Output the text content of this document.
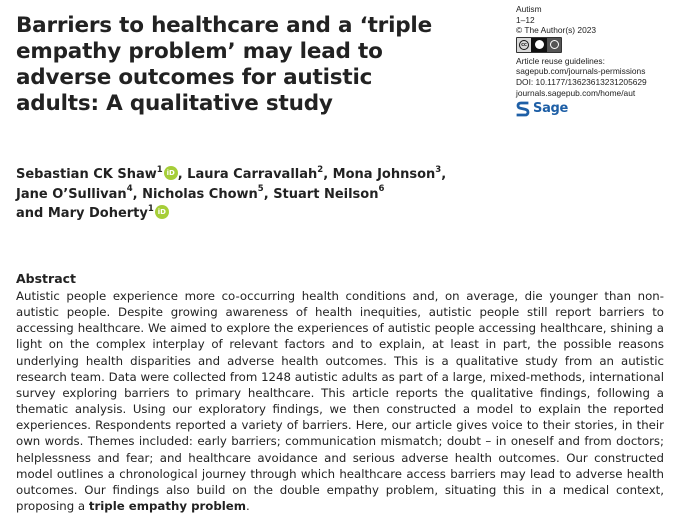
Barriers to healthcare and a ‘triple empathy problem’ may lead to adverse outcomes for autistic adults: A qualitative study
Autism
1–12
© The Author(s) 2023
cc
Article reuse guidelines:
sagepub.com/journals-permissions
DOI: 10.1177/13623613231205629
journals.sagepub.com/home/aut
Sage
Sebastian CK Shaw$^1$ iD , Laura Carravallah$^2$, Mona Johnson$^3$,
Jane O’Sullivan$^4$, Nicholas Chown$^5$, Stuart Neilson$^6$
and Mary Doherty$^1$ iD
Abstract
Autistic people experience more co-occurring health conditions and, on average, die younger than non-autistic people. Despite growing awareness of health inequities, autistic people still report barriers to accessing healthcare. We aimed to explore the experiences of autistic people accessing healthcare, shining a light on the complex interplay of relevant factors and to explain, at least in part, the possible reasons underlying health disparities and adverse health outcomes. This is a qualitative study from an autistic research team. Data were collected from 1248 autistic adults as part of a large, mixed-methods, international survey exploring barriers to primary healthcare. This article reports the qualitative findings, following a thematic analysis. Using our exploratory findings, we then constructed a model to explain the reported experiences. Respondents reported a variety of barriers. Here, our article gives voice to their stories, in their own words. Themes included: early barriers; communication mismatch; doubt – in oneself and from doctors; helplessness and fear; and healthcare avoidance and serious adverse health outcomes. Our constructed model outlines a chronological journey through which healthcare access barriers may lead to adverse health outcomes. Our findings also build on the double empathy problem, situating this in a medical context, proposing a triple empathy problem.
